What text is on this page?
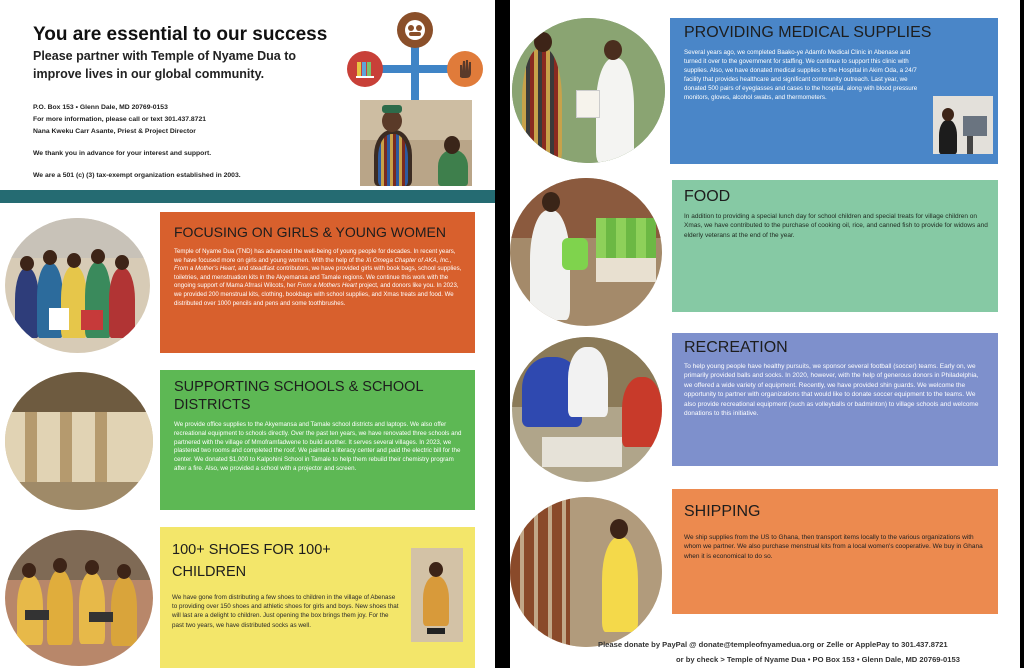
You are essential to our success
Please partner with Temple of Nyame Dua to
improve lives in our global community.
P.O. Box 153 • Glenn Dale, MD 20769-0153
For more information, please call or text 301.437.8721
Nana Kweku Carr Asante, Priest & Project Director
We thank you in advance for your interest and support.
We are a 501 (c) (3) tax-exempt organization established in 2003.
FOCUSING ON GIRLS & YOUNG WOMEN

Temple of Nyame Dua (TND) has advanced the well-being of young people for decades. In recent years, we have focused more on girls and young women. With the help of the Xi Omega Chapter of AKA, Inc., From a Mother's Heart, and steadfast contributors, we have provided girls with book bags, school supplies, toiletries, and menstruation kits in the Akyemansa and Tamale regions. We continue this work with the ongoing support of Mama Afrrasi Wilcots, her From a Mothers Heart project, and donors like you. In 2023, we provided 200 menstrual kits, clothing, bookbags with school supplies, and Xmas treats and food. We distributed over 1000 pencils and pens and some toothbrushes.

SUPPORTING SCHOOLS & SCHOOL DISTRICTS

We provide office supplies to the Akyemansa and Tamale school districts and laptops. We also offer recreational equipment to schools directly. Over the past ten years, we have renovated three schools and partnered with the village of Mmoframfadwene to build another. It serves several villages. In 2023, we plastered two rooms and completed the roof. We painted a literacy center and paid the electric bill for the center. We donated $1,000 to Kalpohini School in Tamale to help them rebuild their chemistry program after a fire. Also, we provided a school with a projector and screen.

100+ SHOES FOR 100+ CHILDREN

We have gone from distributing a few shoes to children in the village of Abenase to providing over 150 shoes and athletic shoes for girls and boys. New shoes that will last are a delight to children. Just opening the box brings them joy. For the past two years, we have distributed socks as well.

PROVIDING MEDICAL SUPPLIES

Several years ago, we completed Baako-ye Adamfo Medical Clinic in Abenase and turned it over to the government for staffing. We continue to support this clinic with supplies. Also, we have donated medical supplies to the Hospital in Akim Oda, a 24/7 facility that provides healthcare and significant community outreach. Last year, we donated 500 pairs of eyeglasses and cases to the hospital, along with blood pressure monitors, gloves, alcohol swabs, and thermometers.

FOOD

In addition to providing a special lunch day for school children and special treats for village children on Xmas, we have contributed to the purchase of cooking oil, rice, and canned fish to provide for widows and elderly veterans at the end of the year.

RECREATION

To help young people have healthy pursuits, we sponsor several football (soccer) teams. Early on, we primarily provided balls and socks. In 2020, however, with the help of generous donors in Philadelphia, we offered a wide variety of equipment. Recently, we have provided shin guards. We welcome the opportunity to partner with organizations that would like to donate soccer equipment to the teams. We also provide recreational equipment (such as volleyballs or badminton) to village schools and welcome donations to this initiative.

SHIPPING

We ship supplies from the US to Ghana, then transport items locally to the various organizations with whom we partner. We also purchase menstrual kits from a local women's cooperative. We buy in Ghana when it is economical to do so.

Please donate by PayPal @ donate@templeofnyamedua.org or Zelle or ApplePay to 301.437.8721
or by check > Temple of Nyame Dua • PO Box 153 • Glenn Dale, MD 20769-0153
